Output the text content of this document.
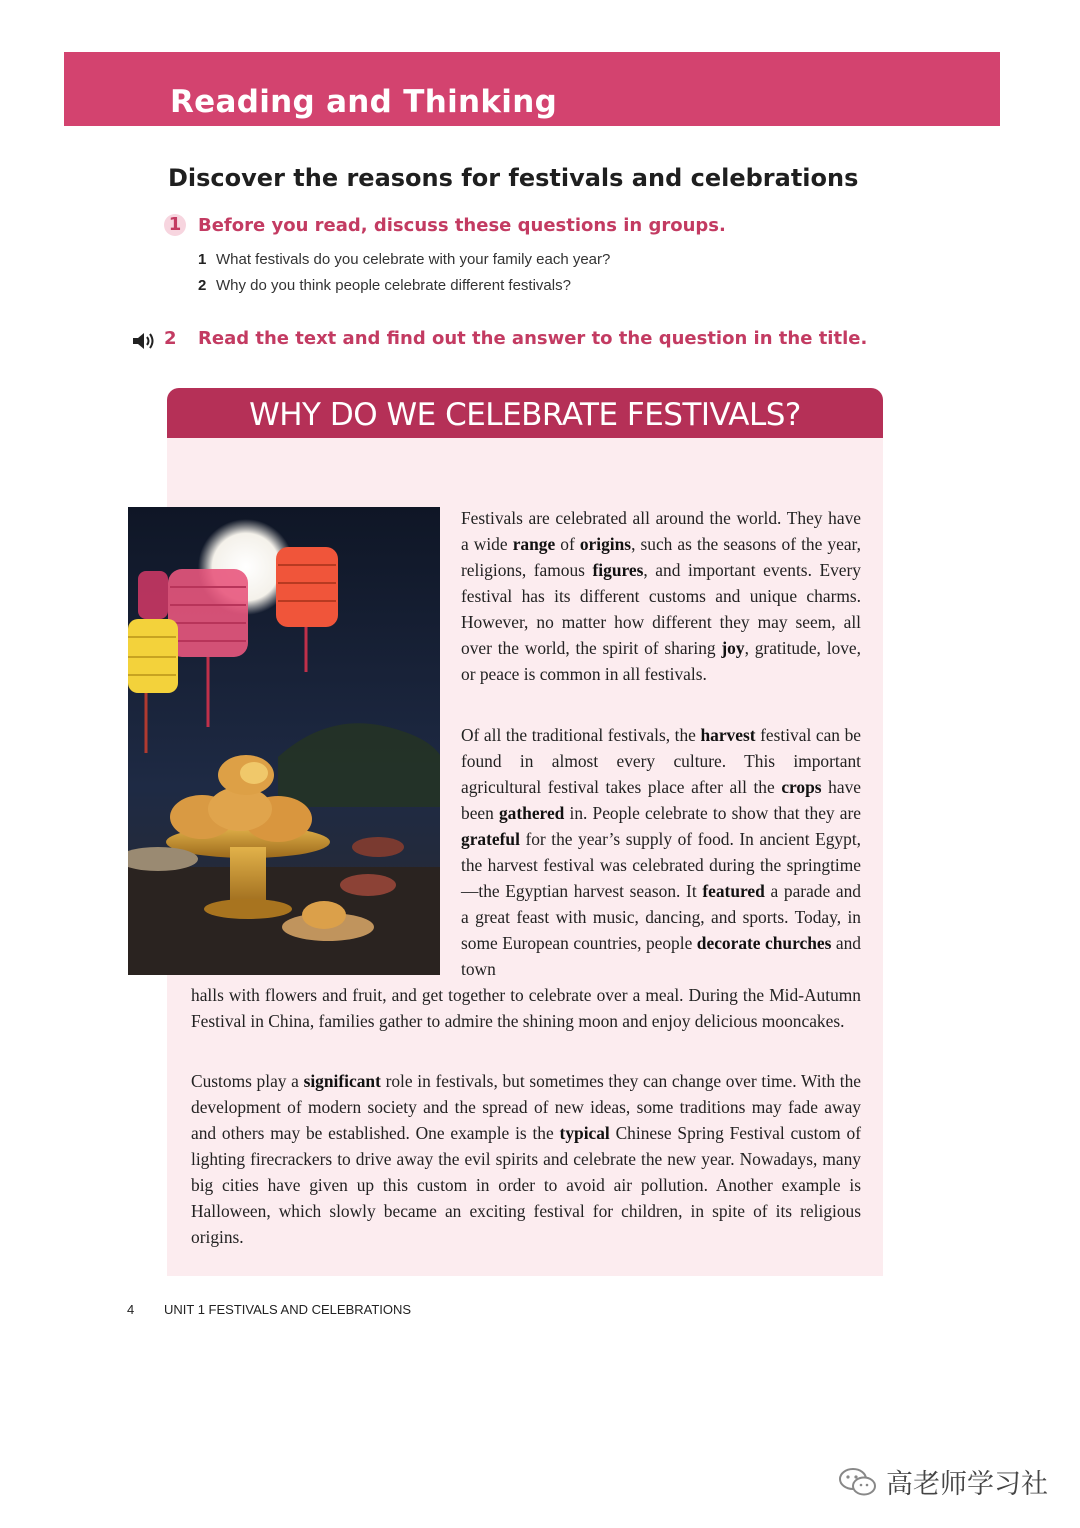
Reading and Thinking
Discover the reasons for festivals and celebrations
1 Before you read, discuss these questions in groups.
1 What festivals do you celebrate with your family each year?
2 Why do you think people celebrate different festivals?
2	Read the text and find out the answer to the question in the title.
WHY DO WE CELEBRATE FESTIVALS?

Festivals are celebrated all around the world. They have a wide range of origins, such as the seasons of the year, religions, famous figures, and important events. Every festival has its different customs and unique charms. However, no matter how different they may seem, all over the world, the spirit of sharing joy, gratitude, love, or peace is common in all festivals.

Of all the traditional festivals, the harvest festival can be found in almost every culture. This important agricultural festival takes place after all the crops have been gathered in. People celebrate to show that they are grateful for the year’s supply of food. In ancient Egypt, the harvest festival was celebrated during the springtime—the Egyptian harvest season. It featured a parade and a great feast with music, dancing, and sports. Today, in some European countries, people decorate churches and town

halls with flowers and fruit, and get together to celebrate over a meal. During the Mid-Autumn Festival in China, families gather to admire the shining moon and enjoy delicious mooncakes.

Customs play a significant role in festivals, but sometimes they can change over time. With the development of modern society and the spread of new ideas, some traditions may fade away and others may be established. One example is the typical Chinese Spring Festival custom of lighting firecrackers to drive away the evil spirits and celebrate the new year. Nowadays, many big cities have given up this custom in order to avoid air pollution. Another example is Halloween, which slowly became an exciting festival for children, in spite of its religious origins.

4 UNIT 1 FESTIVALS AND CELEBRATIONS
高老师学习社
